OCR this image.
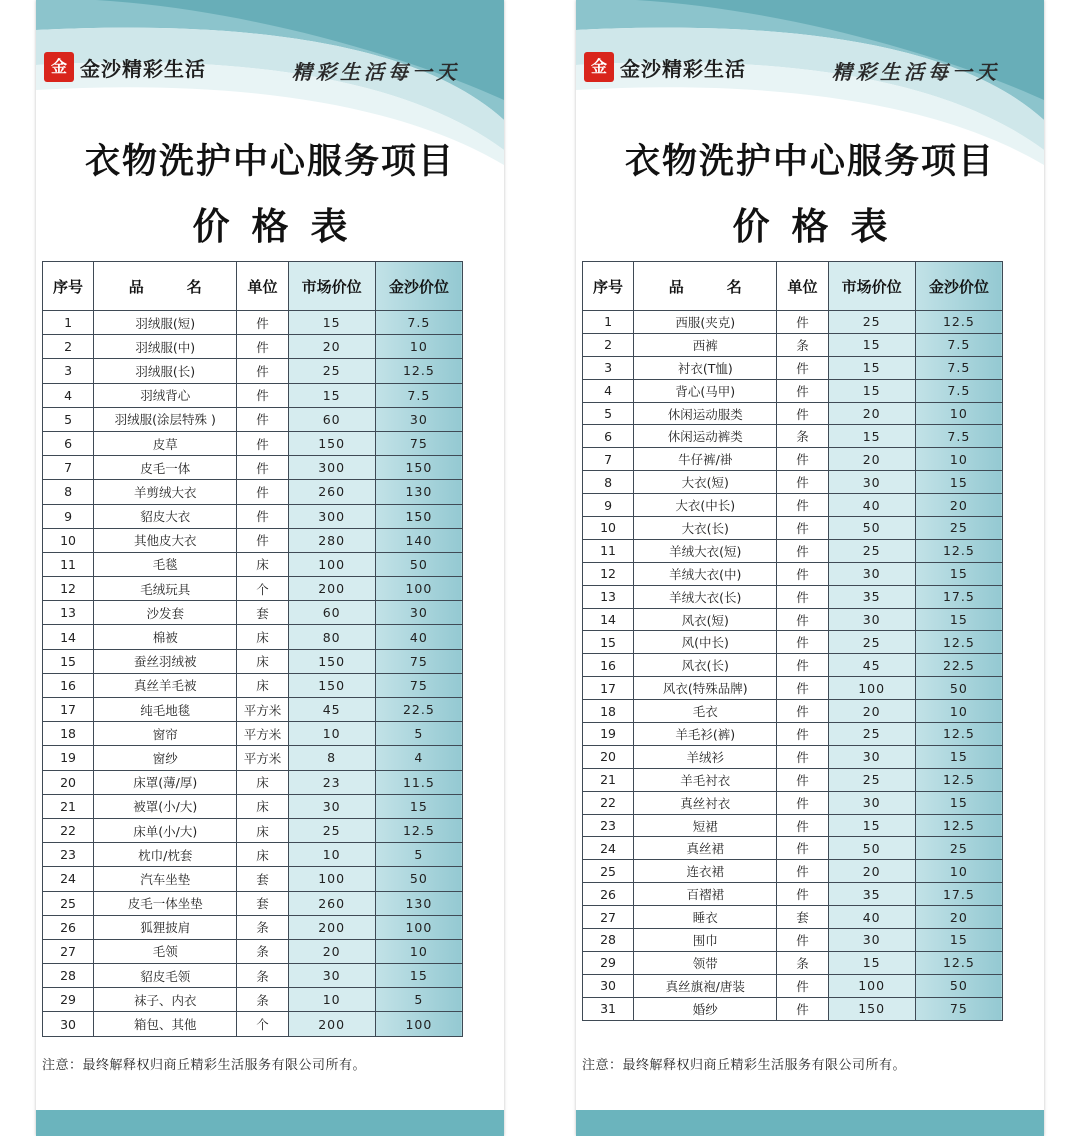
金 金沙精彩生活	精彩生活每一天
衣物洗护中心服务项目
价格表
序号	品　名	单位	市场价位	金沙价位
1	羽绒服(短)	件	15	7.5
2	羽绒服(中)	件	20	10
3	羽绒服(长)	件	25	12.5
4	羽绒背心	件	15	7.5
5	羽绒服(涂层特殊 )	件	60	30
6	皮草	件	150	75
7	皮毛一体	件	300	150
8	羊剪绒大衣	件	260	130
9	貂皮大衣	件	300	150
10	其他皮大衣	件	280	140
11	毛毯	床	100	50
12	毛绒玩具	个	200	100
13	沙发套	套	60	30
14	棉被	床	80	40
15	蚕丝羽绒被	床	150	75
16	真丝羊毛被	床	150	75
17	纯毛地毯	平方米	45	22.5
18	窗帘	平方米	10	5
19	窗纱	平方米	8	4
20	床罩(薄/厚)	床	23	11.5
21	被罩(小/大)	床	30	15
22	床单(小/大)	床	25	12.5
23	枕巾/枕套	床	10	5
24	汽车坐垫	套	100	50
25	皮毛一体坐垫	套	260	130
26	狐狸披肩	条	200	100
27	毛领	条	20	10
28	貂皮毛领	条	30	15
29	袜子、内衣	条	10	5
30	箱包、其他	个	200	100
注意：最终解释权归商丘精彩生活服务有限公司所有。
金 金沙精彩生活	精彩生活每一天
衣物洗护中心服务项目
价格表
序号	品　名	单位	市场价位	金沙价位
1	西服(夹克)	件	25	12.5
2	西裤	条	15	7.5
3	衬衣(T恤)	件	15	7.5
4	背心(马甲)	件	15	7.5
5	休闲运动服类	件	20	10
6	休闲运动裤类	条	15	7.5
7	牛仔裤/褂	件	20	10
8	大衣(短)	件	30	15
9	大衣(中长)	件	40	20
10	大衣(长)	件	50	25
11	羊绒大衣(短)	件	25	12.5
12	羊绒大衣(中)	件	30	15
13	羊绒大衣(长)	件	35	17.5
14	风衣(短)	件	30	15
15	风(中长)	件	25	12.5
16	风衣(长)	件	45	22.5
17	风衣(特殊品牌)	件	100	50
18	毛衣	件	20	10
19	羊毛衫(裤)	件	25	12.5
20	羊绒衫	件	30	15
21	羊毛衬衣	件	25	12.5
22	真丝衬衣	件	30	15
23	短裙	件	15	12.5
24	真丝裙	件	50	25
25	连衣裙	件	20	10
26	百褶裙	件	35	17.5
27	睡衣	套	40	20
28	围巾	件	30	15
29	领带	条	15	12.5
30	真丝旗袍/唐装	件	100	50
31	婚纱	件	150	75
注意：最终解释权归商丘精彩生活服务有限公司所有。
